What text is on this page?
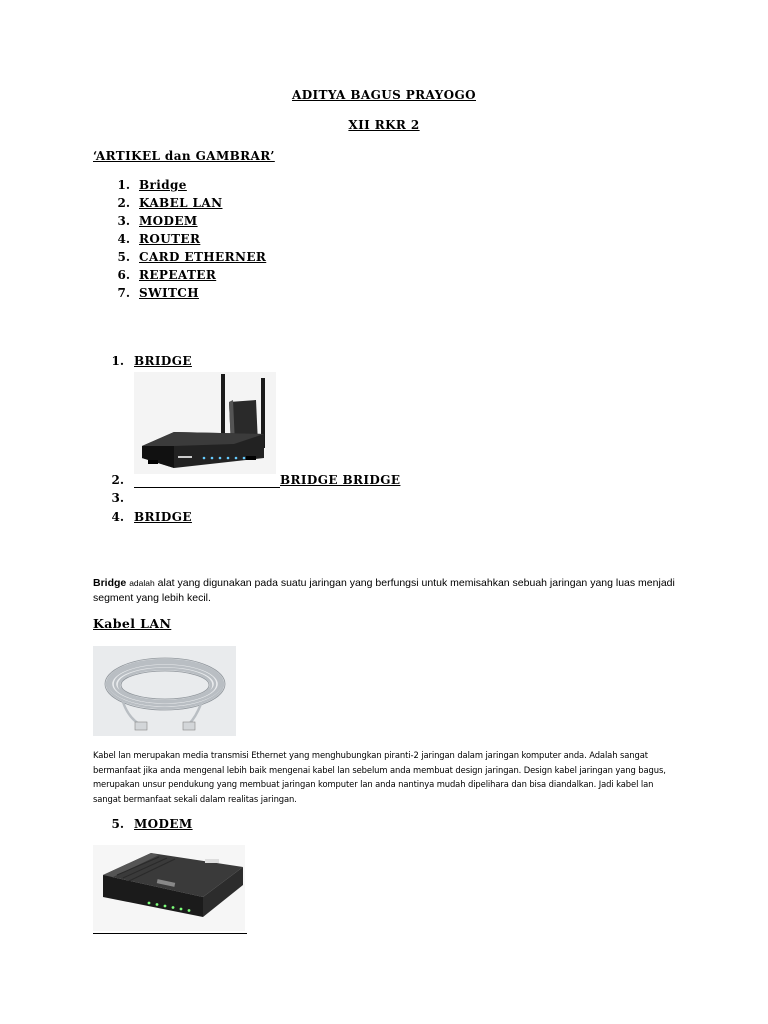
ADITYA BAGUS PRAYOGO
XII RKR 2
‘ARTIKEL dan GAMBRAR’
1. Bridge
2. KABEL LAN
3. MODEM
4. ROUTER
5. CARD ETHERNER
6. REPEATER
7. SWITCH
1. BRIDGE
2.	BRIDGE BRIDGE
3.
4. BRIDGE
Bridge adalah alat yang digunakan pada suatu jaringan yang berfungsi untuk memisahkan sebuah jaringan yang luas menjadi segment yang lebih kecil.
Kabel LAN
Kabel lan merupakan media transmisi Ethernet yang menghubungkan piranti-2 jaringan dalam jaringan komputer anda. Adalah sangat bermanfaat jika anda mengenal lebih baik mengenai kabel lan sebelum anda membuat design jaringan. Design kabel jaringan yang bagus, merupakan unsur pendukung yang membuat jaringan komputer lan anda nantinya mudah dipelihara dan bisa diandalkan. Jadi kabel lan sangat bermanfaat sekali dalam realitas jaringan.
5. MODEM
